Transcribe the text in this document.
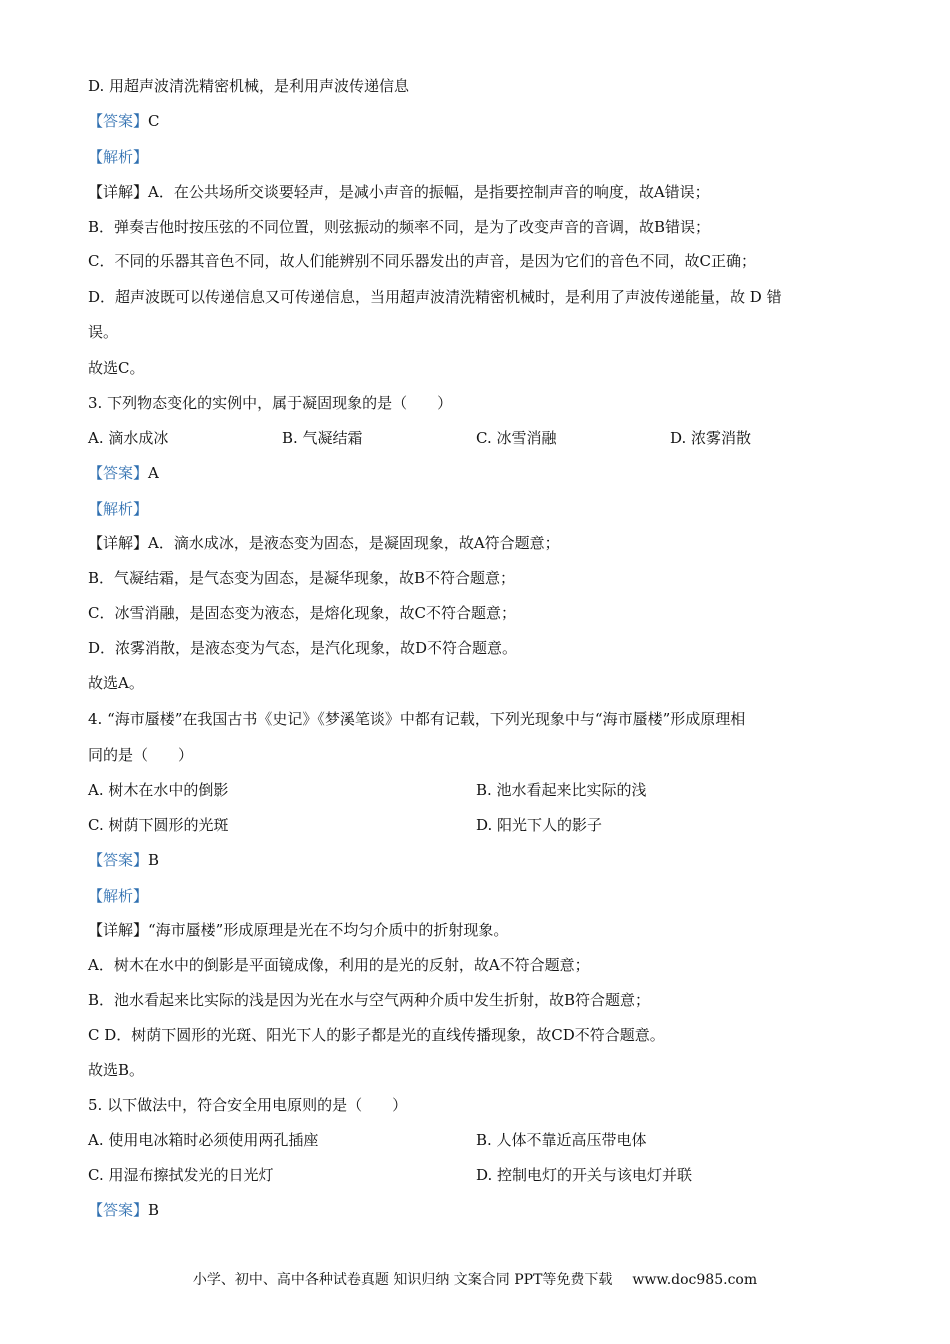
D. 用超声波清洗精密机械，是利用声波传递信息
【答案】C
【解析】
【详解】A．在公共场所交谈要轻声，是减小声音的振幅，是指要控制声音的响度，故A错误；
B．弹奏吉他时按压弦的不同位置，则弦振动的频率不同，是为了改变声音的音调，故B错误；
C．不同的乐器其音色不同，故人们能辨别不同乐器发出的声音，是因为它们的音色不同，故C正确；
D．超声波既可以传递信息又可传递信息，当用超声波清洗精密机械时，是利用了声波传递能量，故 D 错
误。
故选C。
3. 下列物态变化的实例中，属于凝固现象的是（　　）
A. 滴水成冰	B. 气凝结霜	C. 冰雪消融	D. 浓雾消散
【答案】A
【解析】
【详解】A．滴水成冰，是液态变为固态，是凝固现象，故A符合题意；
B．气凝结霜，是气态变为固态，是凝华现象，故B不符合题意；
C．冰雪消融，是固态变为液态，是熔化现象，故C不符合题意；
D．浓雾消散，是液态变为气态，是汽化现象，故D不符合题意。
故选A。
4. “海市蜃楼”在我国古书《史记》《梦溪笔谈》中都有记载，下列光现象中与“海市蜃楼”形成原理相
同的是（　　）
A. 树木在水中的倒影	B. 池水看起来比实际的浅
C. 树荫下圆形的光斑	D. 阳光下人的影子
【答案】B
【解析】
【详解】“海市蜃楼”形成原理是光在不均匀介质中的折射现象。
A．树木在水中的倒影是平面镜成像，利用的是光的反射，故A不符合题意；
B．池水看起来比实际的浅是因为光在水与空气两种介质中发生折射，故B符合题意；
C D．树荫下圆形的光斑、阳光下人的影子都是光的直线传播现象，故CD不符合题意。
故选B。
5. 以下做法中，符合安全用电原则的是（　　）
A. 使用电冰箱时必须使用两孔插座	B. 人体不靠近高压带电体
C. 用湿布擦拭发光的日光灯	D. 控制电灯的开关与该电灯并联
【答案】B
小学、初中、高中各种试卷真题 知识归纳 文案合同 PPT等免费下载 www.doc985.com
